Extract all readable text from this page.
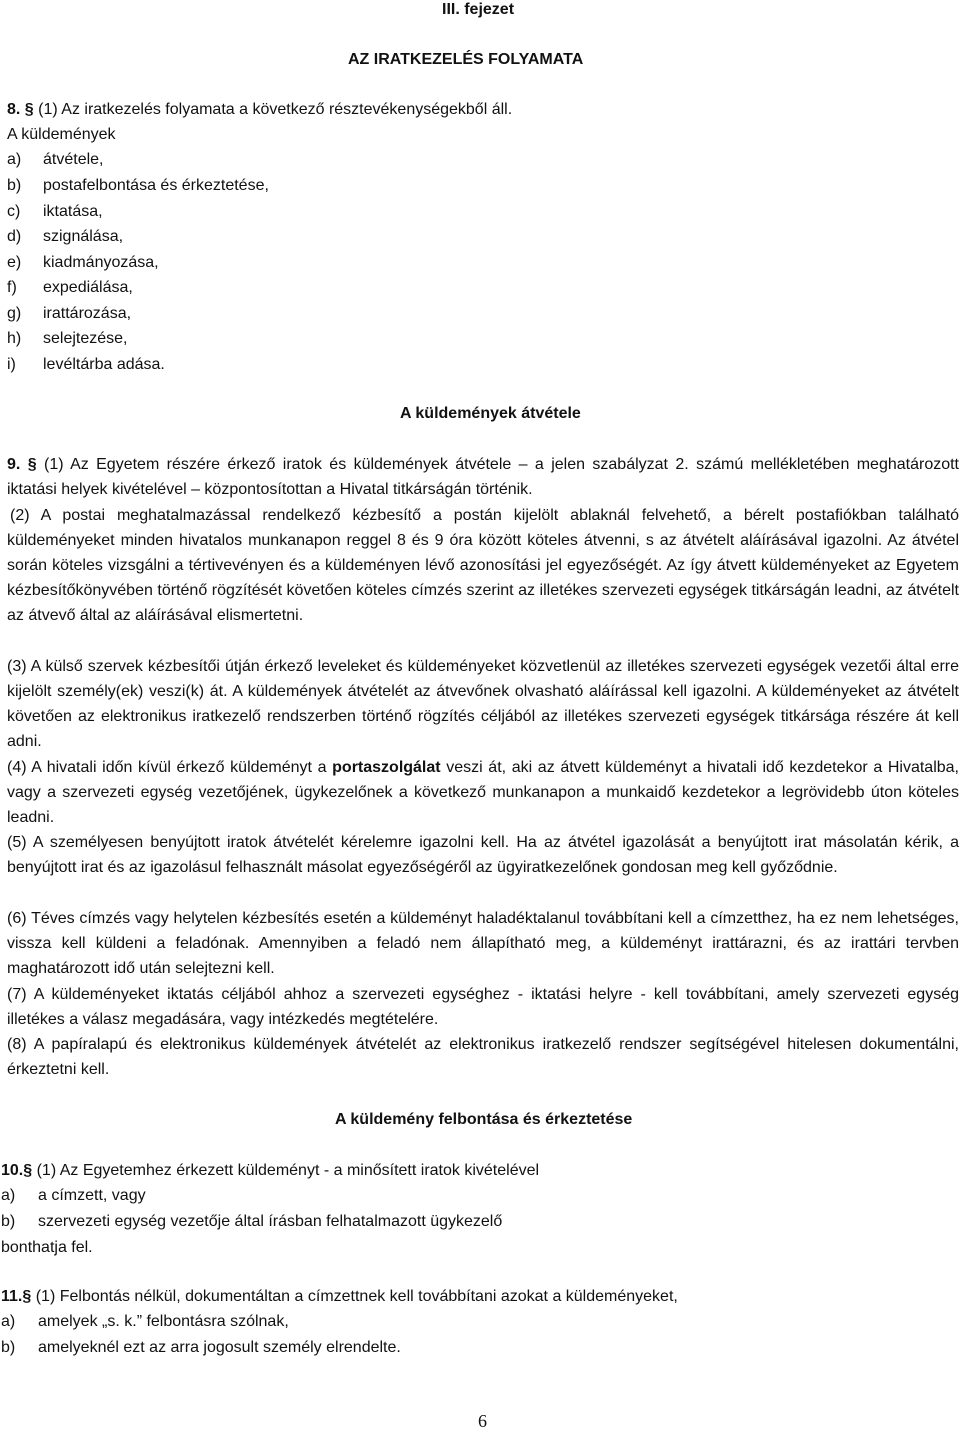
III. fejezet
AZ IRATKEZELÉS FOLYAMATA
8. § (1) Az iratkezelés folyamata a következő résztevékenységekből áll.
A küldemények
a) átvétele,
b) postafelbontása és érkeztetése,
c) iktatása,
d) szignálása,
e) kiadmányozása,
f) expediálása,
g) irattározása,
h) selejtezése,
i) levéltárba adása.
A küldemények átvétele
9. § (1) Az Egyetem részére érkező iratok és küldemények átvétele – a jelen szabályzat 2. számú mellékletében meghatározott iktatási helyek kivételével – központosítottan a Hivatal titkárságán történik.
(2) A postai meghatalmazással rendelkező kézbesítő a postán kijelölt ablaknál felvehető, a bérelt postafiókban található küldeményeket minden hivatalos munkanapon reggel 8 és 9 óra között köteles átvenni, s az átvételt aláírásával igazolni. Az átvétel során köteles vizsgálni a tértivevényen és a küldeményen lévő azonosítási jel egyezőségét. Az így átvett küldeményeket az Egyetem kézbesítőkönyvében történő rögzítését követően köteles címzés szerint az illetékes szervezeti egységek titkárságán leadni, az átvételt az átvevő által az aláírásával elismertetni.
(3) A külső szervek kézbesítői útján érkező leveleket és küldeményeket közvetlenül az illetékes szervezeti egységek vezetői által erre kijelölt személy(ek) veszi(k) át. A küldemények átvételét az átvevőnek olvasható aláírással kell igazolni. A küldeményeket az átvételt követően az elektronikus iratkezelő rendszerben történő rögzítés céljából az illetékes szervezeti egységek titkársága részére át kell adni.
(4) A hivatali időn kívül érkező küldeményt a portaszolgálat veszi át, aki az átvett küldeményt a hivatali idő kezdetekor a Hivatalba, vagy a szervezeti egység vezetőjének, ügykezelőnek a következő munkanapon a munkaidő kezdetekor a legrövidebb úton köteles leadni.
(5) A személyesen benyújtott iratok átvételét kérelemre igazolni kell. Ha az átvétel igazolását a benyújtott irat másolatán kérik, a benyújtott irat és az igazolásul felhasznált másolat egyezőségéről az ügyiratkezelőnek gondosan meg kell győződnie.
(6) Téves címzés vagy helytelen kézbesítés esetén a küldeményt haladéktalanul továbbítani kell a címzetthez, ha ez nem lehetséges, vissza kell küldeni a feladónak. Amennyiben a feladó nem állapítható meg, a küldeményt irattárazni, és az irattári tervben maghatározott idő után selejtezni kell.
(7) A küldeményeket iktatás céljából ahhoz a szervezeti egységhez - iktatási helyre - kell továbbítani, amely szervezeti egység illetékes a válasz megadására, vagy intézkedés megtételére.
(8) A papíralapú és elektronikus küldemények átvételét az elektronikus iratkezelő rendszer segítségével hitelesen dokumentálni, érkeztetni kell.
A küldemény felbontása és érkeztetése
10.§ (1) Az Egyetemhez érkezett küldeményt - a minősített iratok kivételével
a) a címzett, vagy
b) szervezeti egység vezetője által írásban felhatalmazott ügykezelő
bonthatja fel.
11.§ (1) Felbontás nélkül, dokumentáltan a címzettnek kell továbbítani azokat a küldeményeket,
a) amelyek „s. k.” felbontásra szólnak,
b) amelyeknél ezt az arra jogosult személy elrendelte.
6
